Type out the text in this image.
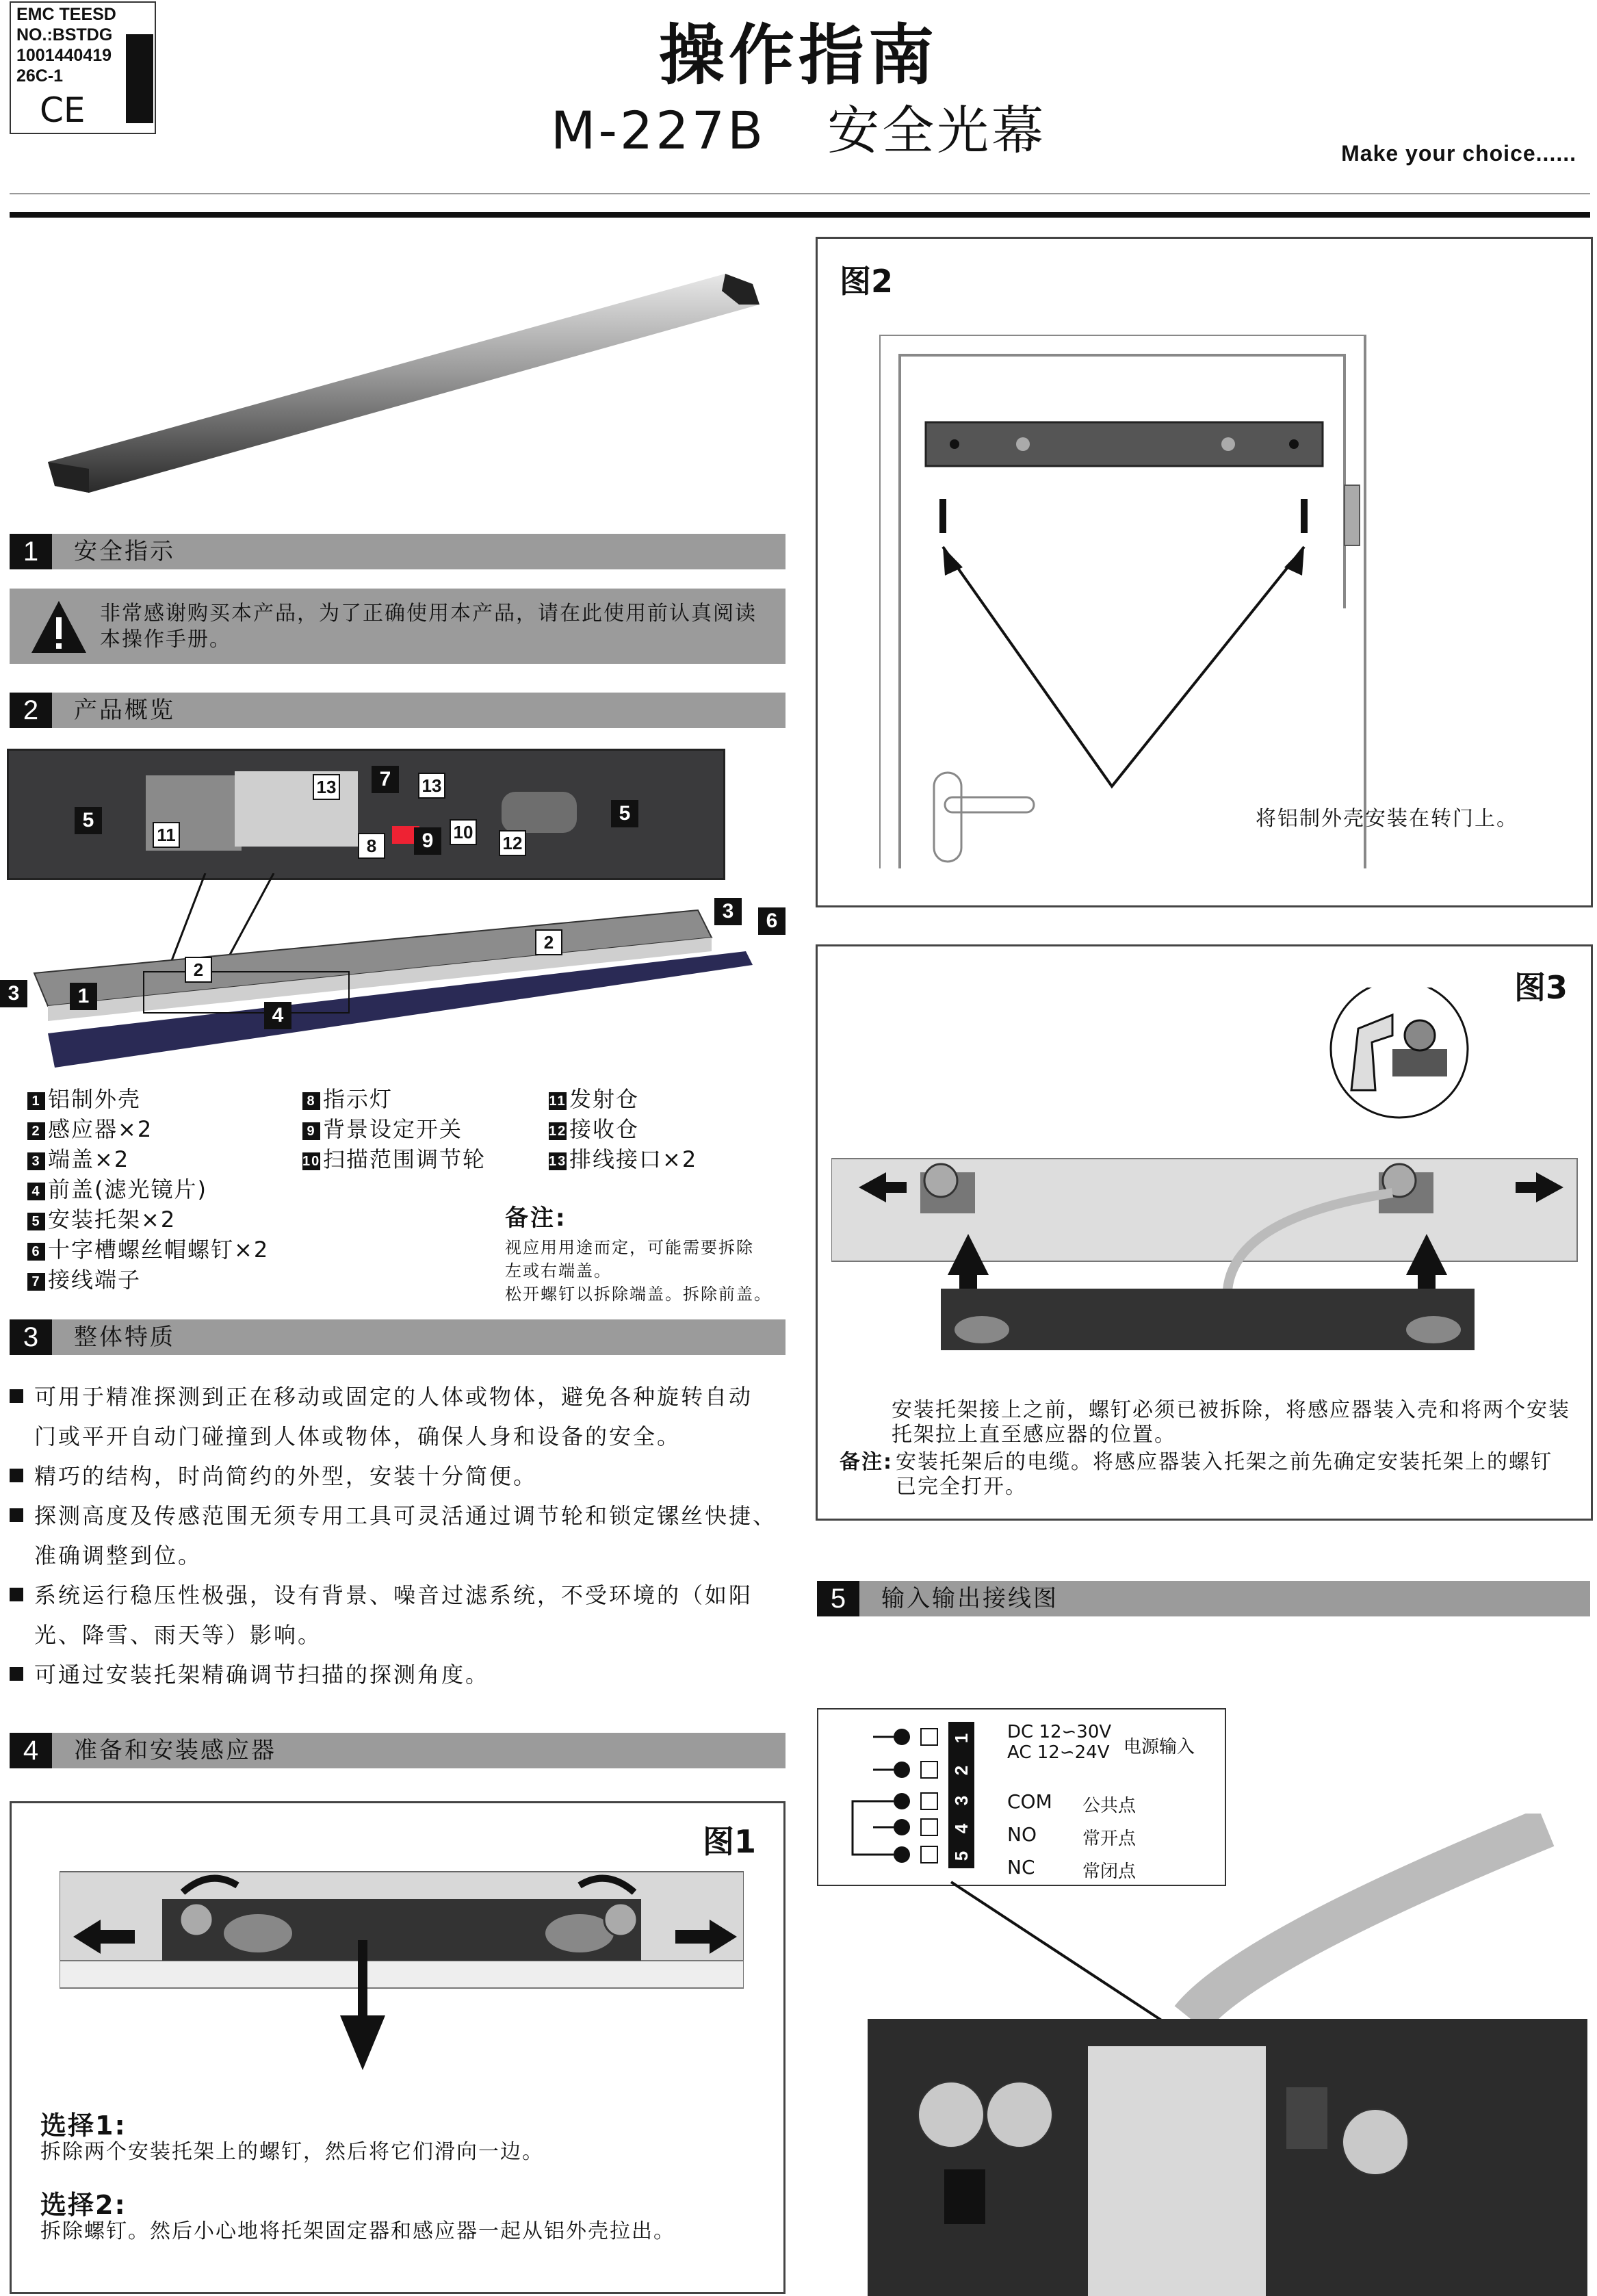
EMC TEESD
NO.:BSTDG
1001440419
26C-1
CE
操作指南
M-227B 安全光幕	Make your choice......
1	安全指示
非常感谢购买本产品，为了正确使用本产品，请在此使用前认真阅读本操作手册。
2	产品概览
5	5
11
13	13
7
8	9	10
12
3	1
2
2
3	6
4
1 铝制外壳
2 感应器×2
3 端盖×2
4 前盖(滤光镜片)
5 安装托架×2
6 十字槽螺丝帽螺钉×2
7 接线端子
8 指示灯
9 背景设定开关
10 扫描范围调节轮
11 发射仓
12 接收仓
13 排线接口×2
备注:
视应用用途而定，可能需要拆除
左或右端盖。
松开螺钉以拆除端盖。拆除前盖。
3	整体特质
可用于精准探测到正在移动或固定的人体或物体，避免各种旋转自动
门或平开自动门碰撞到人体或物体，确保人身和设备的安全。
精巧的结构，时尚简约的外型，安装十分简便。
探测高度及传感范围无须专用工具可灵活通过调节轮和锁定镙丝快捷、
准确调整到位。
系统运行稳压性极强，设有背景、噪音过滤系统，不受环境的（如阳
光、降雪、雨天等）影响。
可通过安装托架精确调节扫描的探测角度。
4	准备和安装感应器
图1
选择1:
拆除两个安装托架上的螺钉，然后将它们滑向一边。
选择2:
拆除螺钉。然后小心地将托架固定器和感应器一起从铝外壳拉出。
图2
将铝制外壳安装在转门上。
图3
安装托架接上之前，螺钉必须已被拆除，将感应器装入壳和将两个安装托架拉上直至感应器的位置。
备注: 安装托架后的电缆。将感应器装入托架之前先确定安装托架上的螺钉已完全打开。
5	输入输出接线图
1
2
3
4
5
DC 12∽30V
AC 12∽24V 电源输入
COM 公共点
NO	常开点
NC	常闭点
